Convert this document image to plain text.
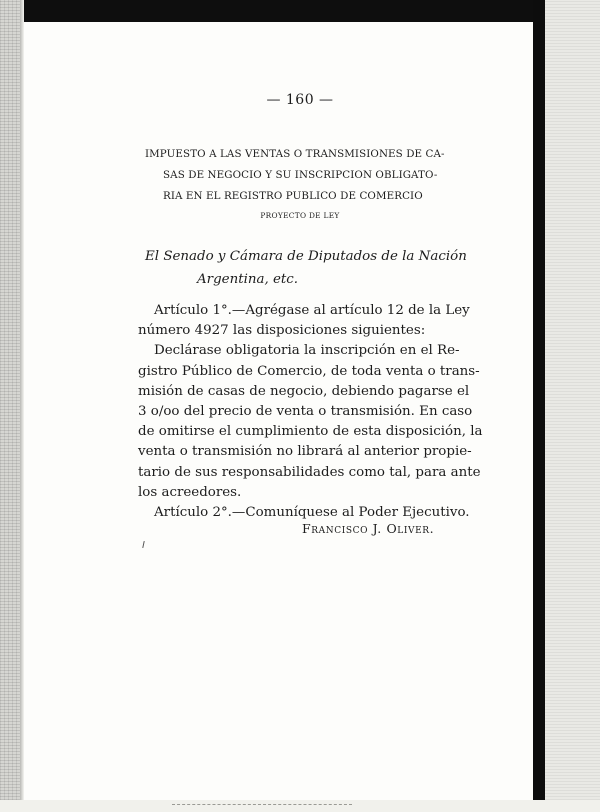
— 160 —
IMPUESTO A LAS VENTAS O TRANSMISIONES DE CA-
SAS DE NEGOCIO Y SU INSCRIPCION OBLIGATO-
RIA EN EL REGISTRO PUBLICO DE COMERCIO
PROYECTO DE LEY
El Senado y Cámara de Diputados de la Nación
Argentina, etc.
Artículo 1°.—Agrégase al artículo 12 de la Ley
número 4927 las disposiciones siguientes:
Declárase obligatoria la inscripción en el Re-
gistro Público de Comercio, de toda venta o trans-
misión de casas de negocio, debiendo pagarse el
3 o/oo del precio de venta o transmisión. En caso
de omitirse el cumplimiento de esta disposición, la
venta o transmisión no librará al anterior propie-
tario de sus responsabilidades como tal, para ante
los acreedores.
Artículo 2°.—Comuníquese al Poder Ejecutivo.
Francisco J. Oliver.
